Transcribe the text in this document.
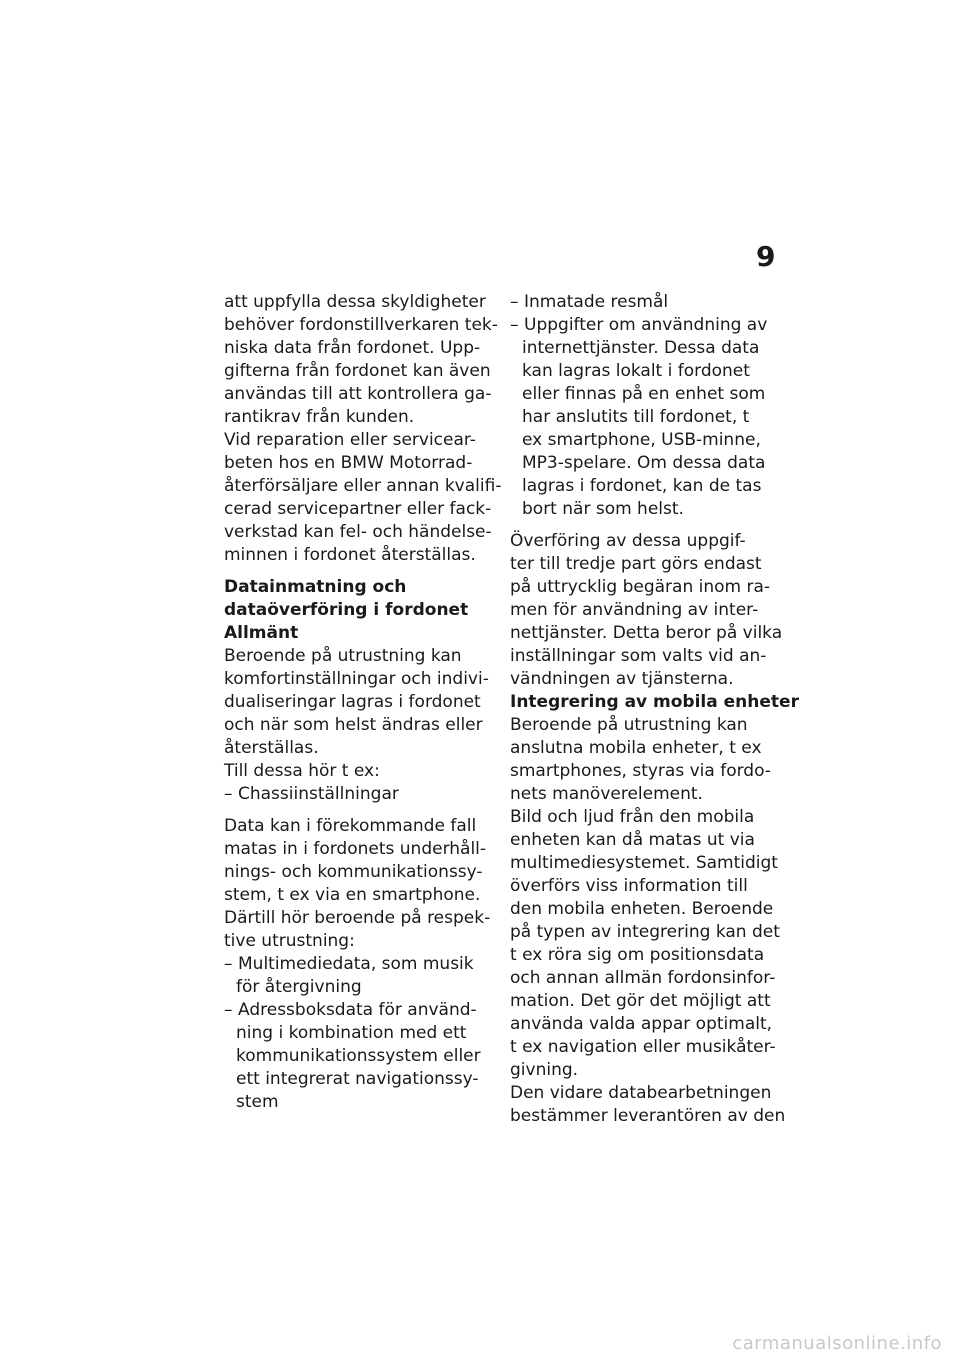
9
att uppfylla dessa skyldigheter
behöver fordonstillverkaren tek-
niska data från fordonet. Upp-
gifterna från fordonet kan även
användas till att kontrollera ga-
rantikrav från kunden.
Vid reparation eller servicear-
beten hos en BMW Motorrad-
återförsäljare eller annan kvalifi-
cerad servicepartner eller fack-
verkstad kan fel- och händelse-
minnen i fordonet återställas.
Datainmatning och
dataöverföring i fordonet
Allmänt
Beroende på utrustning kan
komfortinställningar och indivi-
dualiseringar lagras i fordonet
och när som helst ändras eller
återställas.
Till dessa hör t ex:
– Chassiinställningar
Data kan i förekommande fall
matas in i fordonets underhåll-
nings- och kommunikationssy-
stem, t ex via en smartphone.
Därtill hör beroende på respek-
tive utrustning:
– Multimediedata, som musik
för återgivning
– Adressboksdata för använd-
ning i kombination med ett
kommunikationssystem eller
ett integrerat navigationssy-
stem
– Inmatade resmål
– Uppgifter om användning av
internettjänster. Dessa data
kan lagras lokalt i fordonet
eller finnas på en enhet som
har anslutits till fordonet, t
ex smartphone, USB-minne,
MP3-spelare. Om dessa data
lagras i fordonet, kan de tas
bort när som helst.
Överföring av dessa uppgif-
ter till tredje part görs endast
på uttrycklig begäran inom ra-
men för användning av inter-
nettjänster. Detta beror på vilka
inställningar som valts vid an-
vändningen av tjänsterna.
Integrering av mobila enheter
Beroende på utrustning kan
anslutna mobila enheter, t ex
smartphones, styras via fordo-
nets manöverelement.
Bild och ljud från den mobila
enheten kan då matas ut via
multimediesystemet. Samtidigt
överförs viss information till
den mobila enheten. Beroende
på typen av integrering kan det
t ex röra sig om positionsdata
och annan allmän fordonsinfor-
mation. Det gör det möjligt att
använda valda appar optimalt,
t ex navigation eller musikåter-
givning.
Den vidare databearbetningen
bestämmer leverantören av den
carmanualsonline.info
